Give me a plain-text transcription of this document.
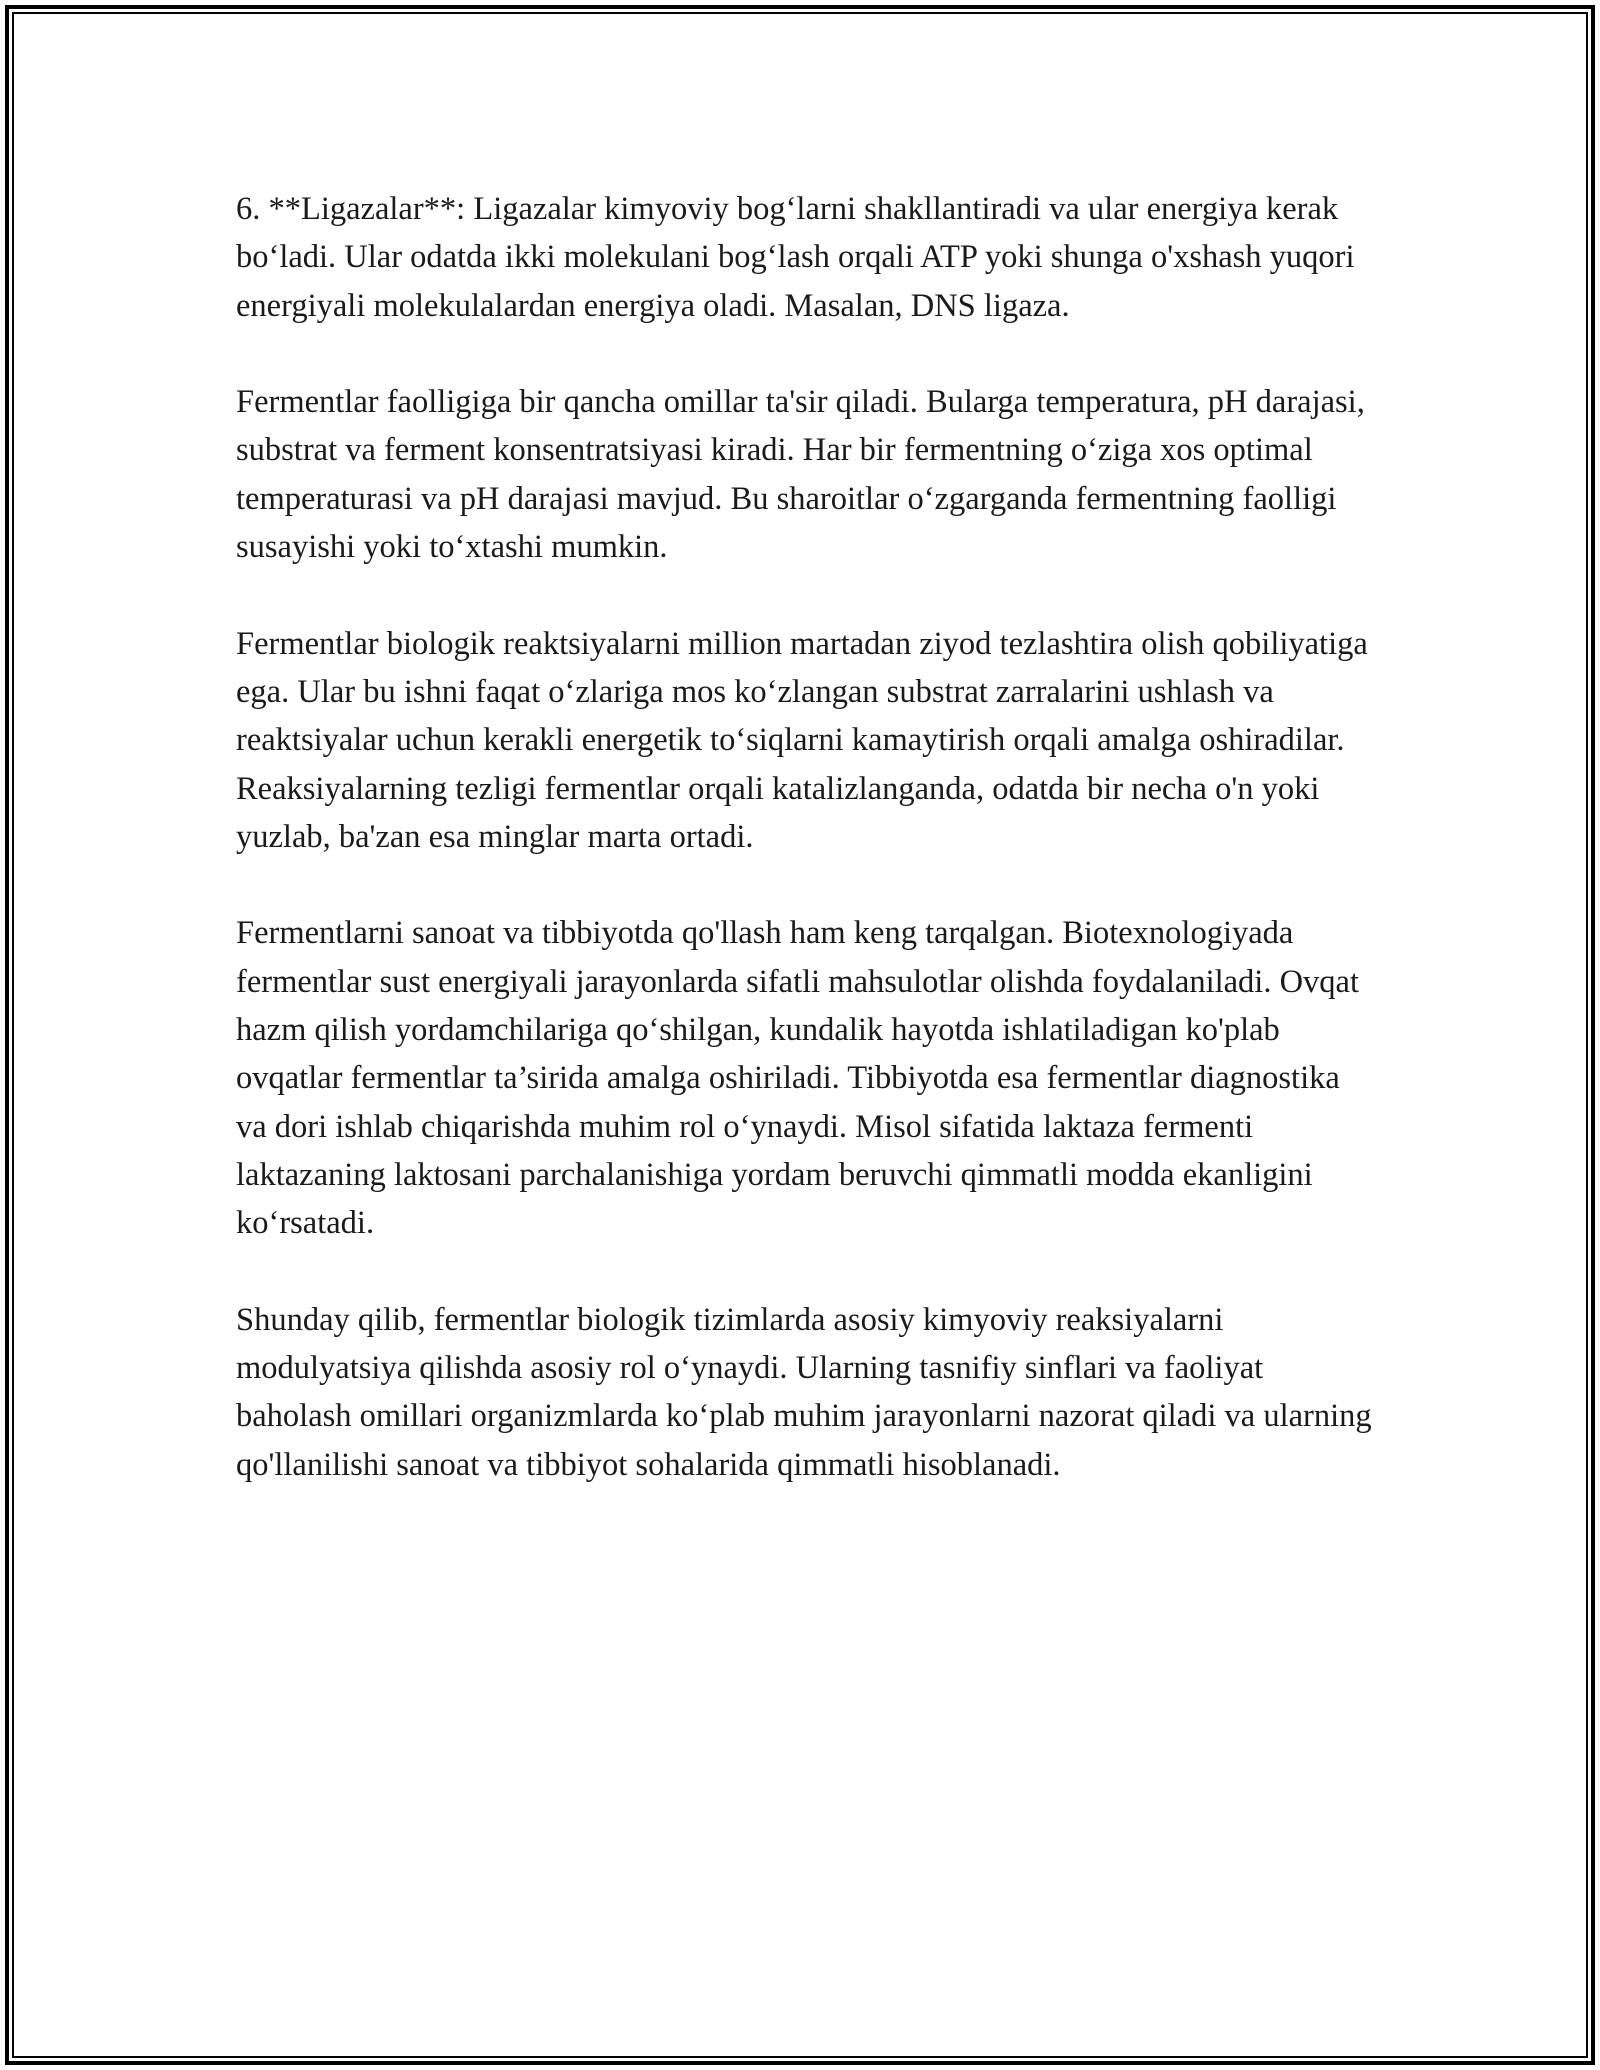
6. **Ligazalar**: Ligazalar kimyoviy bog‘larni shakllantiradi va ular energiya kerak bo‘ladi. Ular odatda ikki molekulani bog‘lash orqali ATP yoki shunga o'xshash yuqori energiyali molekulalardan energiya oladi. Masalan, DNS ligaza.

Fermentlar faolligiga bir qancha omillar ta'sir qiladi. Bularga temperatura, pH darajasi, substrat va ferment konsentratsiyasi kiradi. Har bir fermentning o‘ziga xos optimal temperaturasi va pH darajasi mavjud. Bu sharoitlar o‘zgarganda fermentning faolligi susayishi yoki to‘xtashi mumkin.

Fermentlar biologik reaktsiyalarni million martadan ziyod tezlashtira olish qobiliyatiga ega. Ular bu ishni faqat o‘zlariga mos ko‘zlangan substrat zarralarini ushlash va reaktsiyalar uchun kerakli energetik to‘siqlarni kamaytirish orqali amalga oshiradilar. Reaksiyalarning tezligi fermentlar orqali katalizlanganda, odatda bir necha o'n yoki yuzlab, ba'zan esa minglar marta ortadi.

Fermentlarni sanoat va tibbiyotda qo'llash ham keng tarqalgan. Biotexnologiyada fermentlar sust energiyali jarayonlarda sifatli mahsulotlar olishda foydalaniladi. Ovqat hazm qilish yordamchilariga qo‘shilgan, kundalik hayotda ishlatiladigan ko'plab ovqatlar fermentlar ta’sirida amalga oshiriladi. Tibbiyotda esa fermentlar diagnostika va dori ishlab chiqarishda muhim rol o‘ynaydi. Misol sifatida laktaza fermenti laktazaning laktosani parchalanishiga yordam beruvchi qimmatli modda ekanligini ko‘rsatadi.

Shunday qilib, fermentlar biologik tizimlarda asosiy kimyoviy reaksiyalarni modulyatsiya qilishda asosiy rol o‘ynaydi. Ularning tasnifiy sinflari va faoliyat baholash omillari organizmlarda ko‘plab muhim jarayonlarni nazorat qiladi va ularning qo'llanilishi sanoat va tibbiyot sohalarida qimmatli hisoblanadi.
